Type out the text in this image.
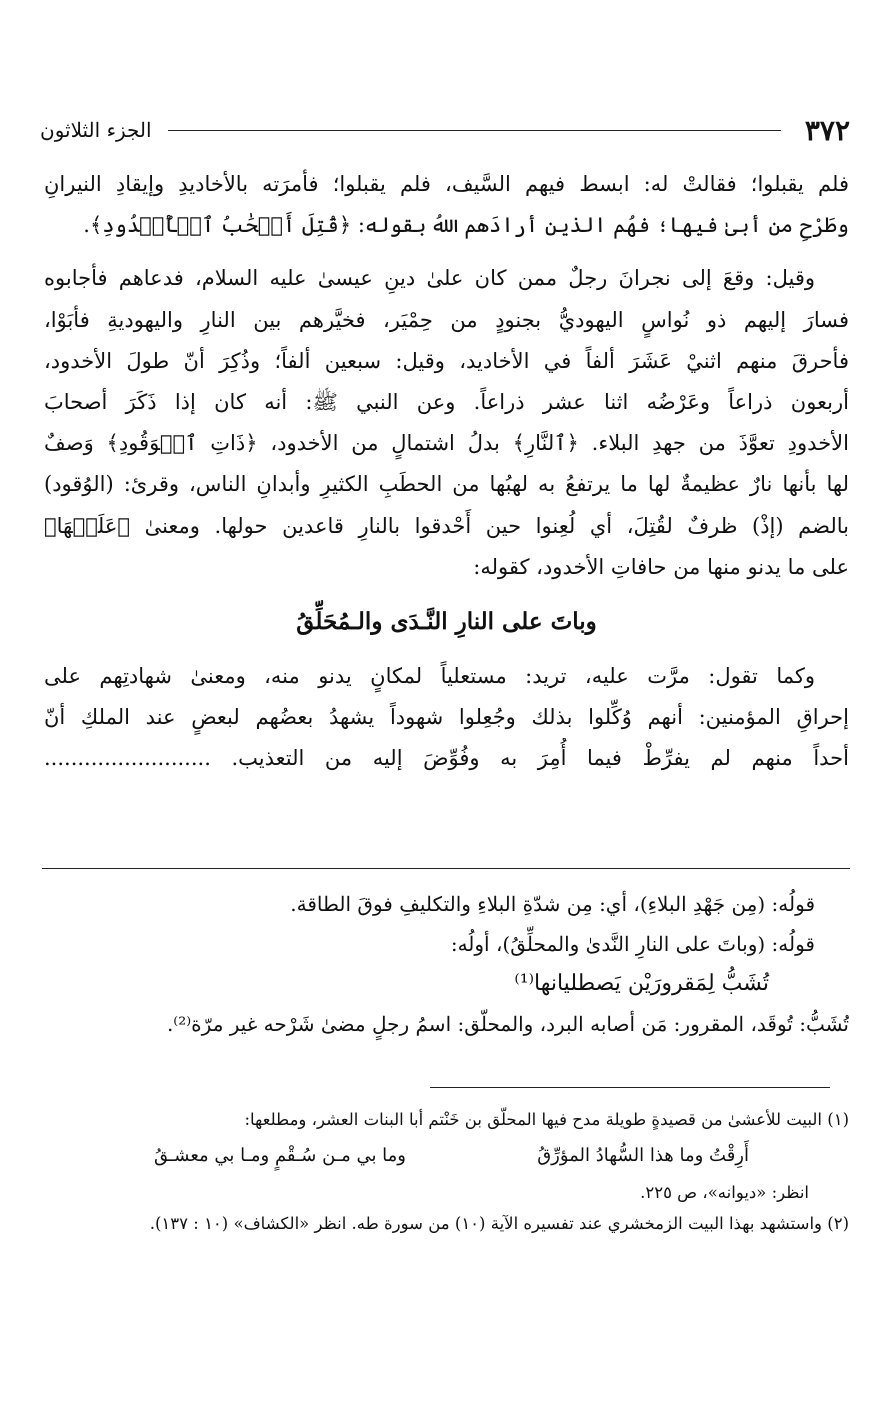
٣٧٢
الجزء الثلاثون
فلم يقبلوا؛ فقالتْ له: ابسط فيهم السَّيف، فلم يقبلوا؛ فأمرَته بالأخاديدِ وإيقادِ النيرانِ
وطَرْحِ من أبىٰ فيها؛ فهُم الذين أرادَهم اللهُ بقوله: ﴿قُتِلَ أَصۡحَٰبُ ٱلۡأُخۡدُودِ﴾.
وقيل: وقعَ إلى نجرانَ رجلٌ ممن كان علىٰ دينِ عيسىٰ عليه السلام، فدعاهم فأجابوه
فسارَ إليهم ذو نُواسٍ اليهوديُّ بجنودٍ من حِمْيَر، فخيَّرهم بين النارِ واليهوديةِ فأبَوْا،
فأحرقَ منهم اثنيْ عَشَرَ ألفاً في الأخاديد، وقيل: سبعين ألفاً؛ وذُكِرَ أنّ طولَ الأخدود،
أربعون ذراعاً وعَرْضُه اثنا عشر ذراعاً. وعن النبي ﷺ: أنه كان إذا ذَكَرَ أصحابَ
الأخدودِ تعوَّذَ من جهدِ البلاء. ﴿ٱلنَّارِ﴾ بدلُ اشتمالٍ من الأخدود، ﴿ذَاتِ ٱلۡوَقُودِ﴾ وَصفٌ
لها بأنها نارٌ عظيمةٌ لها ما يرتفعُ به لهبُها من الحطَبِ الكثيرِ وأبدانِ الناس، وقرئ: (الوُقود)
بالضم (إذْ) ظرفٌ لقُتِلَ، أي لُعِنوا حين أَحْدقوا بالنارِ قاعدين حولها. ومعنىٰ ﴿عَلَيۡهَا﴾
على ما يدنو منها من حافاتِ الأخدود، كقوله:
وباتَ على النارِ النَّـدَى والـمُحَلِّقُ
وكما تقول: مرَّت عليه، تريد: مستعلياً لمكانٍ يدنو منه، ومعنىٰ شهادتِهم على
إحراقِ المؤمنين: أنهم وُكِّلوا بذلك وجُعِلوا شهوداً يشهدُ بعضُهم لبعضٍ عند الملكِ أنّ
أحداً منهم لم يفرِّطْ فيما أُمِرَ به وفُوِّضَ إليه من التعذيب. .........................
قولُه: (مِن جَهْدِ البلاءِ)، أي: مِن شدّةِ البلاءِ والتكليفِ فوقَ الطاقة.
قولُه: (وباتَ على النارِ النَّدىٰ والمحلِّقُ)، أولُه:
تُشَبُّ لِمَقرورَيْن يَصطليانها⁽¹⁾
تُشَبُّ: تُوقَد، المقرور: مَن أصابه البرد، والمحلّق: اسمُ رجلٍ مضىٰ شَرْحه غير مرّة⁽²⁾.
(١) البيت للأعشىٰ من قصيدةٍ طويلة مدح فيها المحلّق بن خَنْتم أبا البنات العشر، ومطلعها:
أَرِقْتُ وما هذا السُّهادُ المؤرِّقُ
وما بي مـن سُـقْمٍ ومـا بي معشـقُ
انظر: «ديوانه»، ص ٢٢٥.
(٢) واستشهد بهذا البيت الزمخشري عند تفسيره الآية (١٠) من سورة طه. انظر «الكشاف» (١٠ : ١٣٧).
